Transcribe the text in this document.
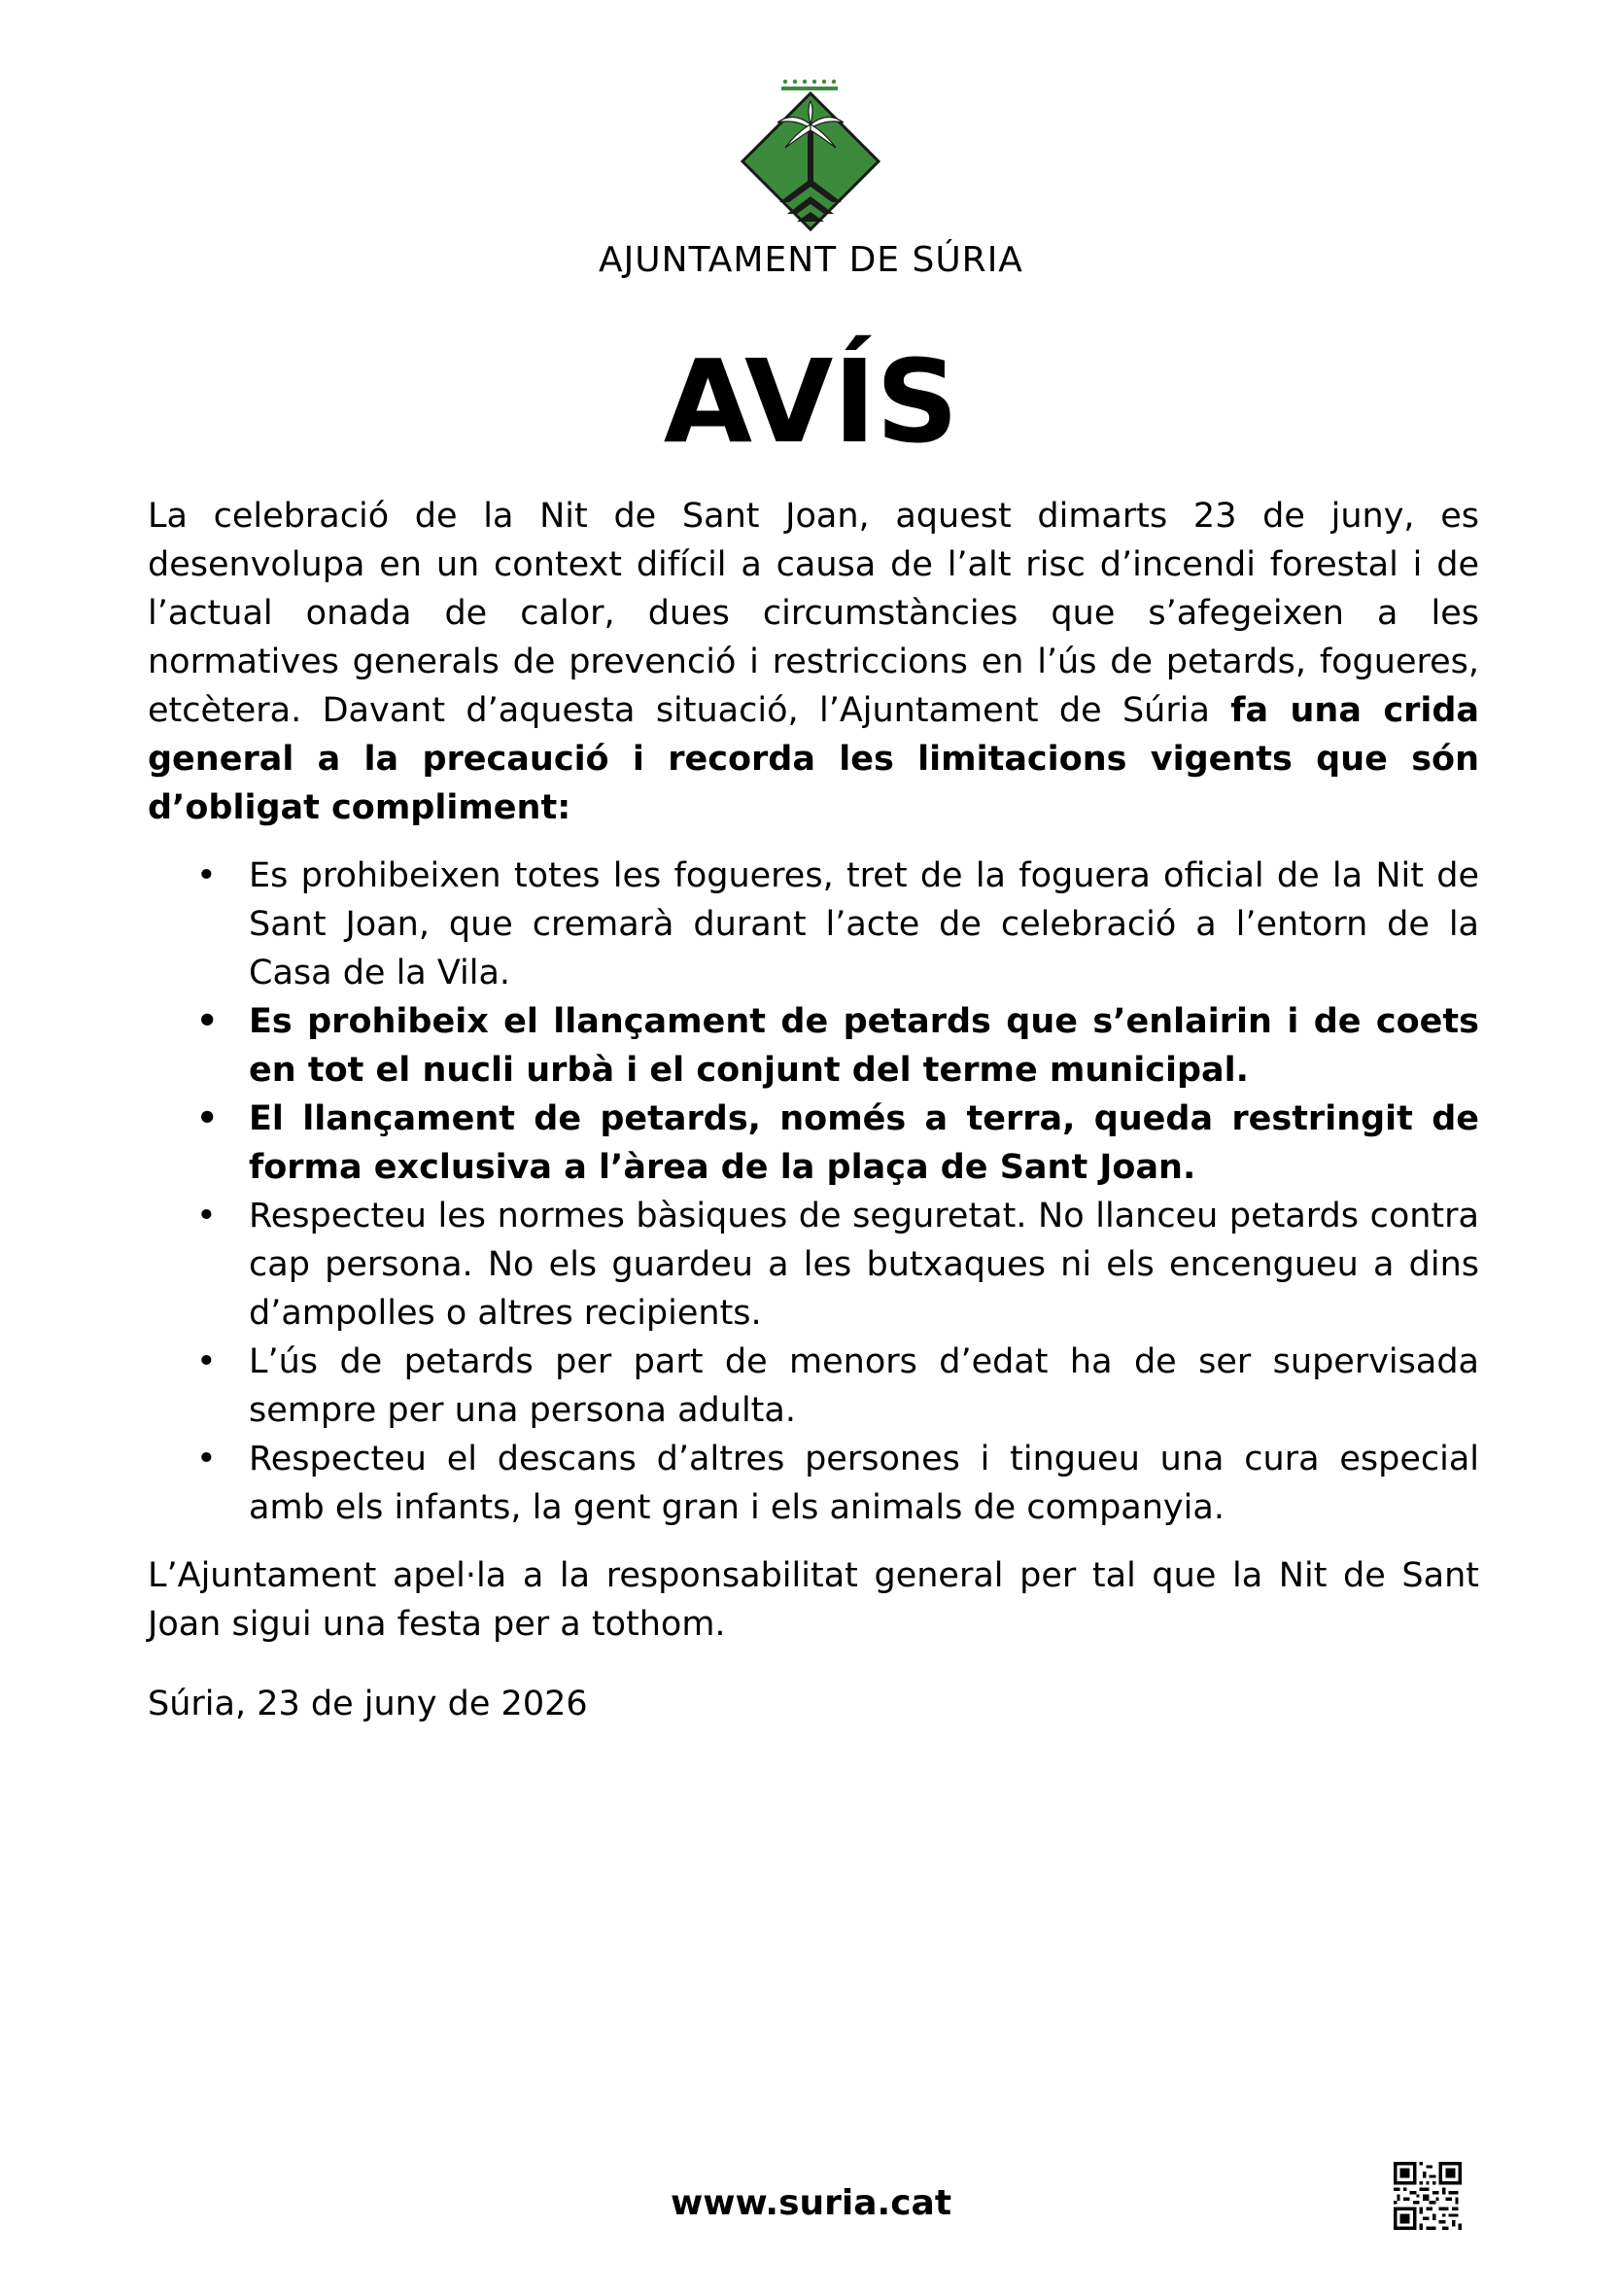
AJUNTAMENT DE SÚRIA
AVÍS

La celebració de la Nit de Sant Joan, aquest dimarts 23 de juny, es desenvolupa en un context difícil a causa de l’alt risc d’incendi forestal i de l’actual onada de calor, dues circumstàncies que s’afegeixen a les normatives generals de prevenció i restriccions en l’ús de petards, fogueres, etcètera. Davant d’aquesta situació, l’Ajuntament de Súria fa una crida general a la precaució i recorda les limitacions vigents que són d’obligat compliment:

• Es prohibeixen totes les fogueres, tret de la foguera oficial de la Nit de Sant Joan, que cremarà durant l’acte de celebració a l’entorn de la Casa de la Vila.
• Es prohibeix el llançament de petards que s’enlairin i de coets en tot el nucli urbà i el conjunt del terme municipal.
• El llançament de petards, només a terra, queda restringit de forma exclusiva a l’àrea de la plaça de Sant Joan.
• Respecteu les normes bàsiques de seguretat. No llanceu petards contra cap persona. No els guardeu a les butxaques ni els encengueu a dins d’ampolles o altres recipients.
• L’ús de petards per part de menors d’edat ha de ser supervisada sempre per una persona adulta.
• Respecteu el descans d’altres persones i tingueu una cura especial amb els infants, la gent gran i els animals de companyia.

L’Ajuntament apel·la a la responsabilitat general per tal que la Nit de Sant Joan sigui una festa per a tothom.

Súria, 23 de juny de 2026

www.suria.cat
